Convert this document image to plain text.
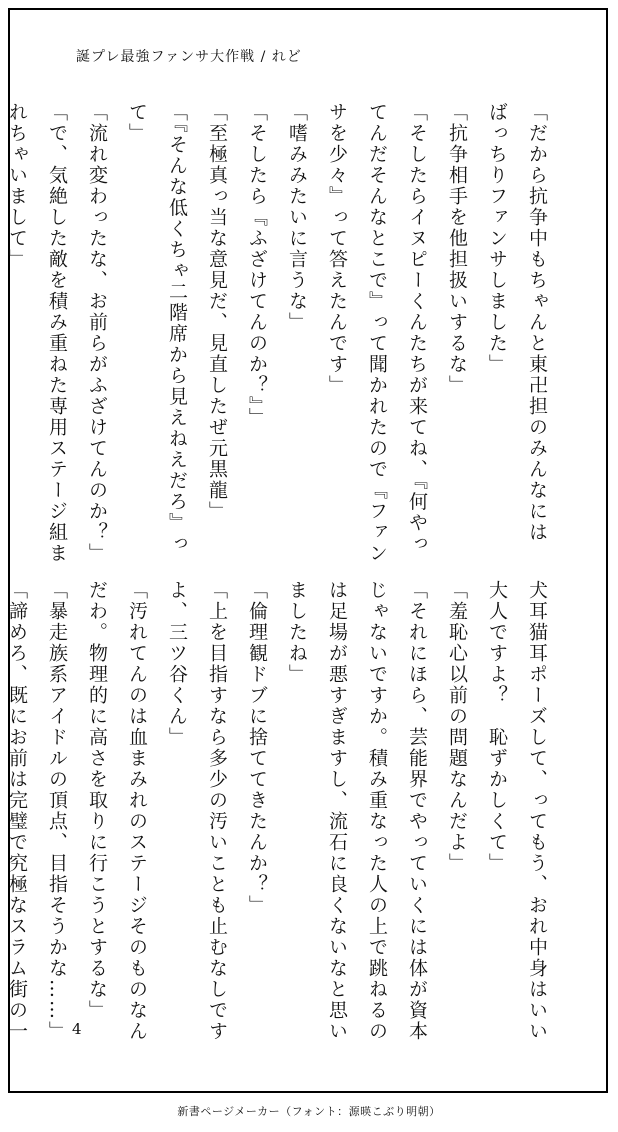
誕プレ最強ファンサ大作戦 / れど
「だから抗争中もちゃんと東卍担のみんなには
ばっちりファンサしました」
「抗争相手を他担扱いするな」
「そしたらイヌピーくんたちが来てね、『何やっ
てんだそんなとこで』って聞かれたので『ファン
サを少々』って答えたんです」
「嗜みみたいに言うな」
「そしたら『ふざけてんのか？』」
「至極真っ当な意見だ、見直したぜ元黒龍」
「『そんな低くちゃ二階席から見えねえだろ』っ
て」
「流れ変わったな、お前らがふざけてんのか？」
「で、気絶した敵を積み重ねた専用ステージ組ま
れちゃいまして」
犬耳猫耳ポーズして、ってもう、おれ中身はいい
大人ですよ？　恥ずかしくて」
「羞恥心以前の問題なんだよ」
「それにほら、芸能界でやっていくには体が資本
じゃないですか。積み重なった人の上で跳ねるの
は足場が悪すぎますし、流石に良くないなと思い
ましたね」
「倫理観ドブに捨ててきたんか？」
「上を目指すなら多少の汚いことも止むなしです
よ、三ツ谷くん」
「汚れてんのは血まみれのステージそのものなん
だわ。物理的に高さを取りに行こうとするな」
「暴走族系アイドルの頂点、目指そうかな……」
「諦めろ、既にお前は完璧で究極なスラム街の一	4
新書ページメーカー（フォント：源暎こぶり明朝）
